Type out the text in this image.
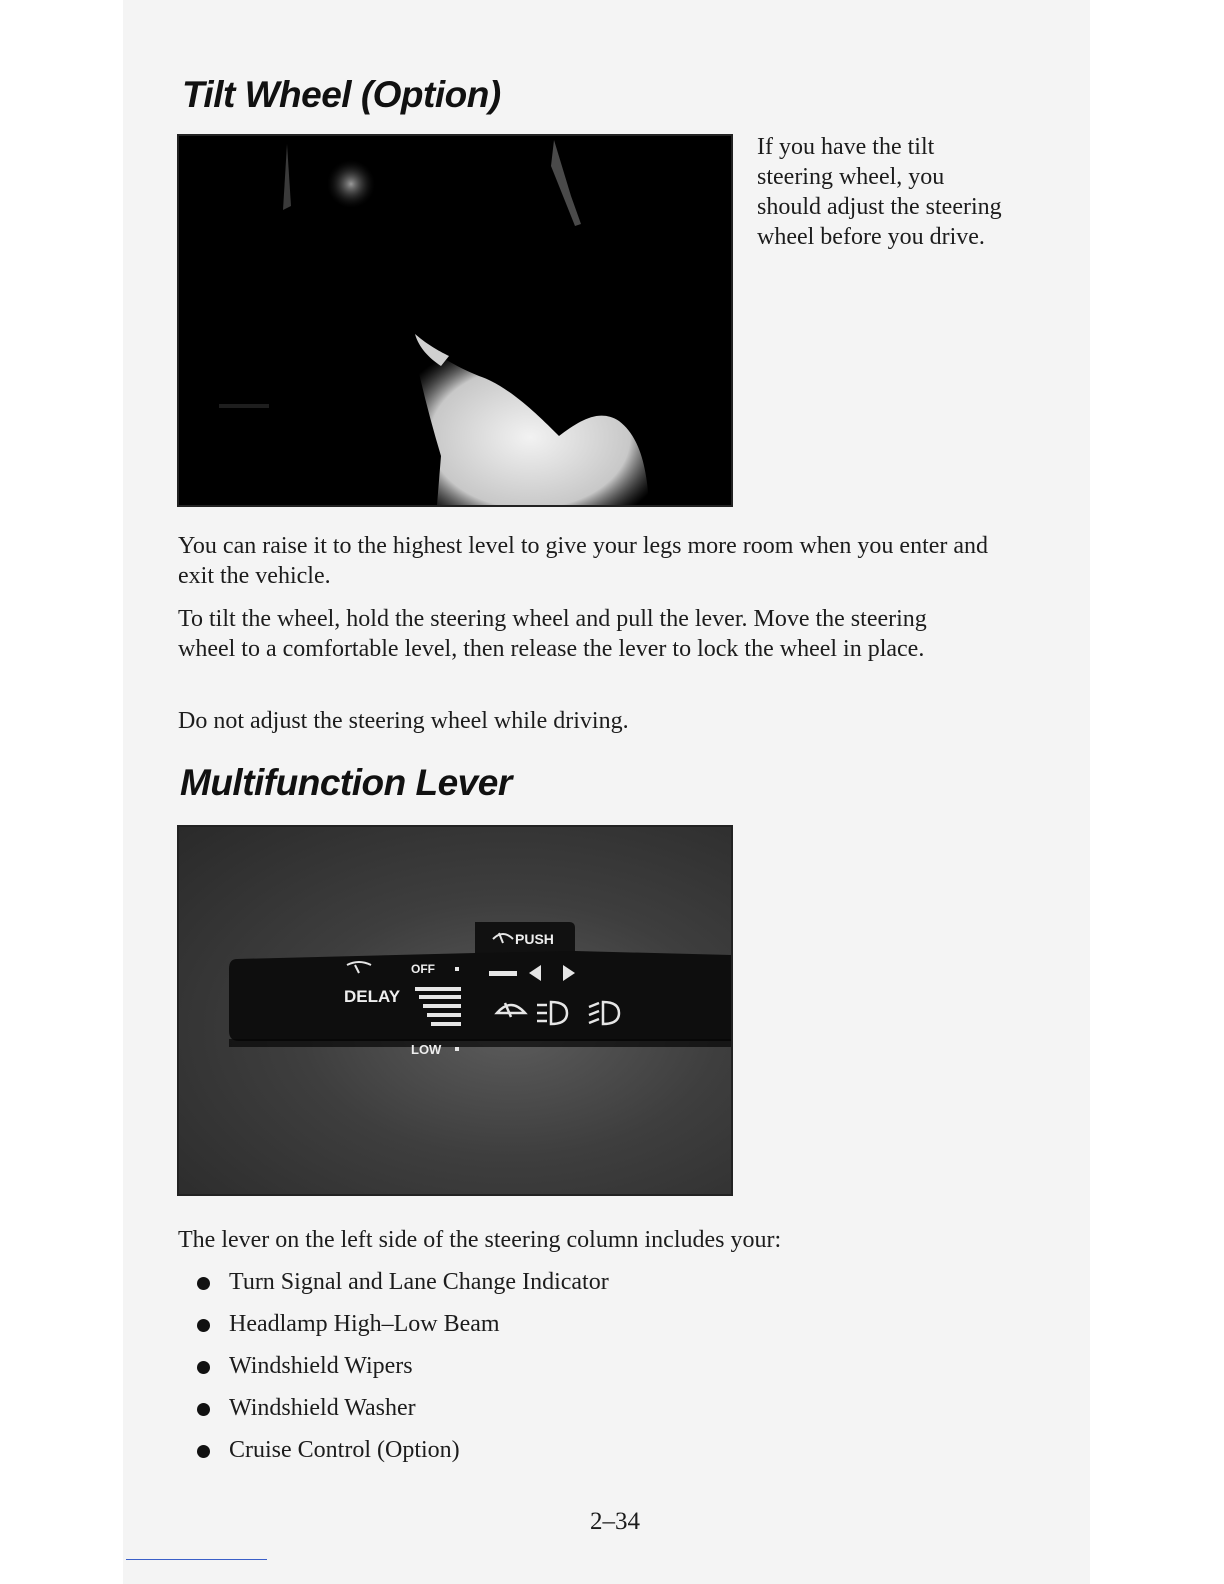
Tilt Wheel (Option)

If you have the tilt steering wheel, you should adjust the steering wheel before you drive.

You can raise it to the highest level to give your legs more room when you enter and exit the vehicle.

To tilt the wheel, hold the steering wheel and pull the lever. Move the steering wheel to a comfortable level, then release the lever to lock the wheel in place.

Do not adjust the steering wheel while driving.

Multifunction Lever
PUSH
OFF
DELAY
LOW

The lever on the left side of the steering column includes your:

Turn Signal and Lane Change Indicator
Headlamp High–Low Beam
Windshield Wipers
Windshield Washer
Cruise Control (Option)
2–34
